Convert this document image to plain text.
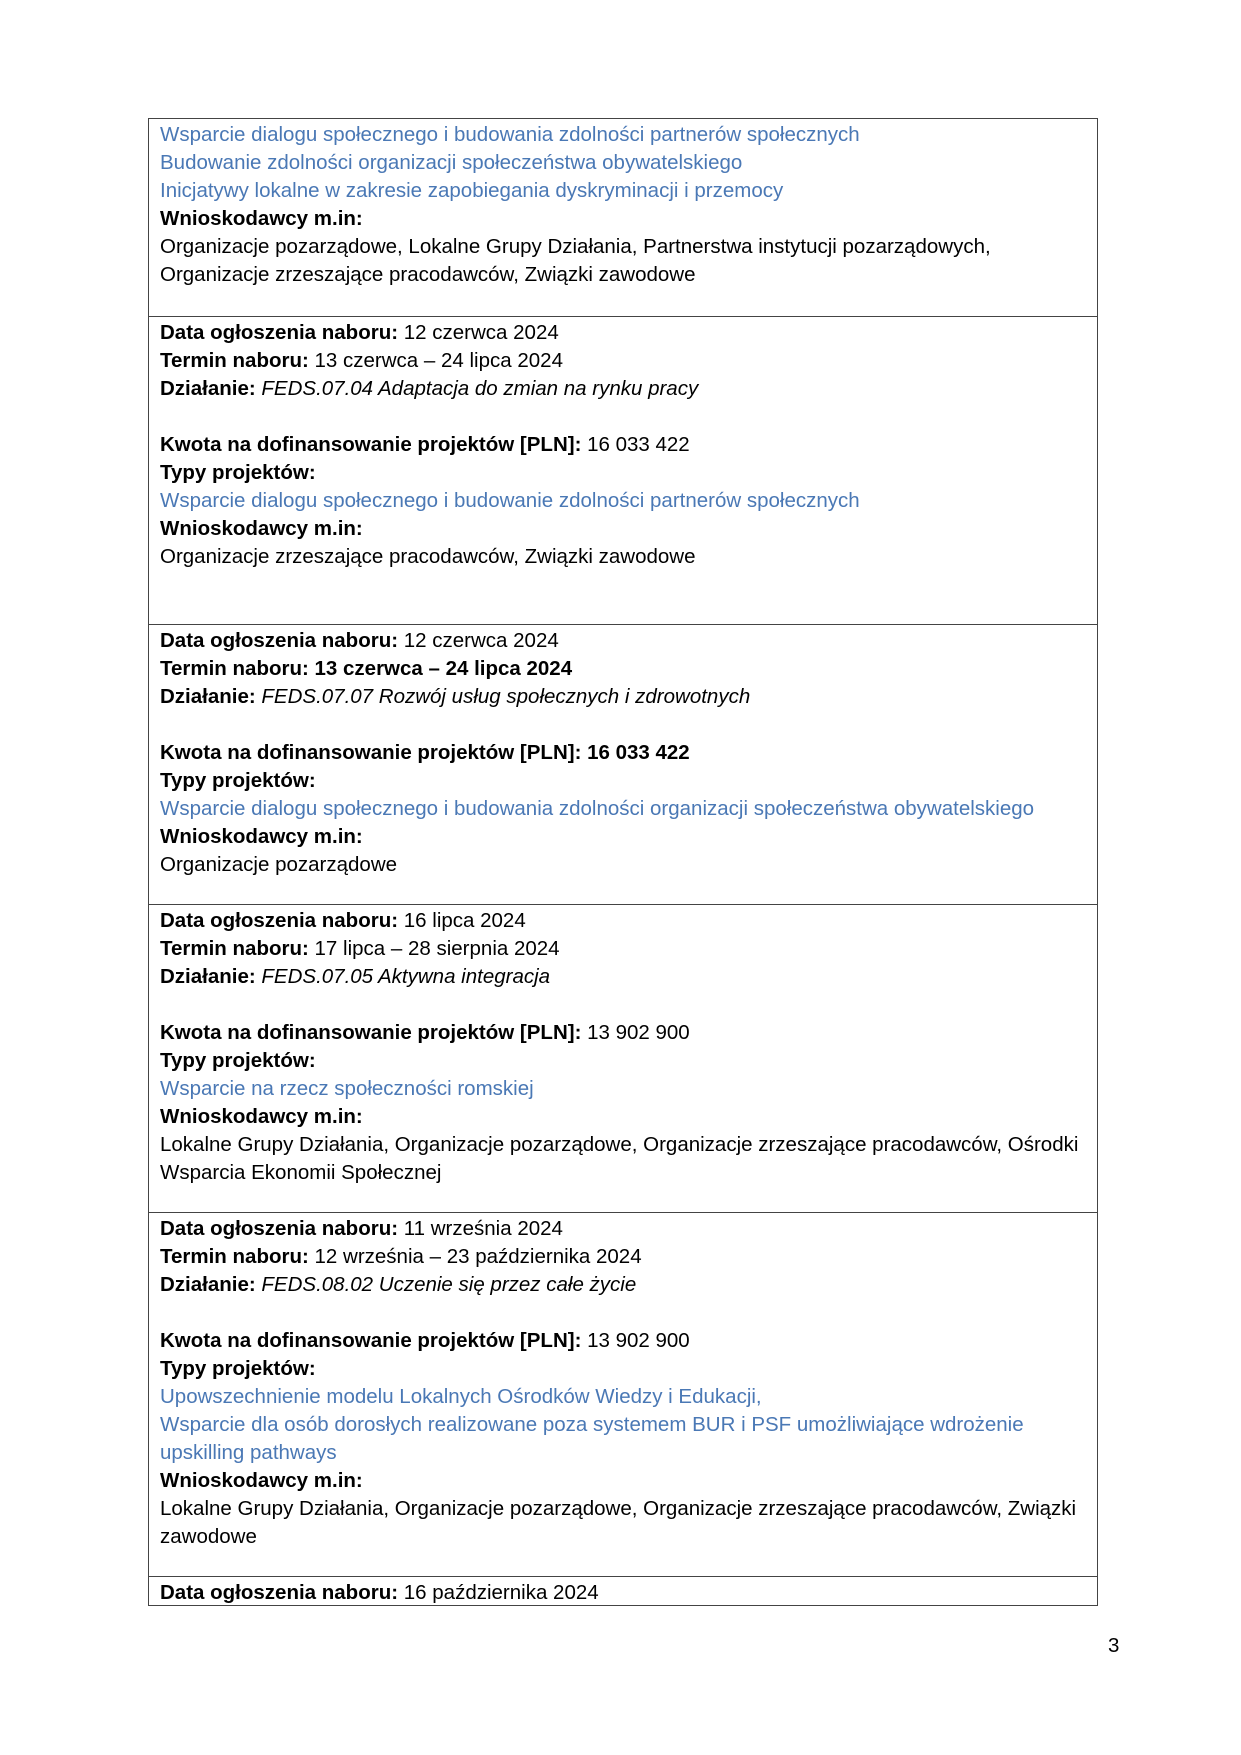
Wsparcie dialogu społecznego i budowania zdolności partnerów społecznych
Budowanie zdolności organizacji społeczeństwa obywatelskiego
Inicjatywy lokalne w zakresie zapobiegania dyskryminacji i przemocy
Wnioskodawcy m.in:
Organizacje pozarządowe, Lokalne Grupy Działania, Partnerstwa instytucji pozarządowych, Organizacje zrzeszające pracodawców, Związki zawodowe
Data ogłoszenia naboru: 12 czerwca 2024
Termin naboru: 13 czerwca – 24 lipca 2024
Działanie: FEDS.07.04 Adaptacja do zmian na rynku pracy
Kwota na dofinansowanie projektów [PLN]: 16 033 422
Typy projektów:
Wsparcie dialogu społecznego i budowanie zdolności partnerów społecznych
Wnioskodawcy m.in:
Organizacje zrzeszające pracodawców, Związki zawodowe
Data ogłoszenia naboru: 12 czerwca 2024
Termin naboru: 13 czerwca – 24 lipca 2024
Działanie: FEDS.07.07 Rozwój usług społecznych i zdrowotnych
Kwota na dofinansowanie projektów [PLN]: 16 033 422
Typy projektów:
Wsparcie dialogu społecznego i budowania zdolności organizacji społeczeństwa obywatelskiego
Wnioskodawcy m.in:
Organizacje pozarządowe
Data ogłoszenia naboru: 16 lipca 2024
Termin naboru: 17 lipca – 28 sierpnia 2024
Działanie: FEDS.07.05 Aktywna integracja
Kwota na dofinansowanie projektów [PLN]: 13 902 900
Typy projektów:
Wsparcie na rzecz społeczności romskiej
Wnioskodawcy m.in:
Lokalne Grupy Działania, Organizacje pozarządowe, Organizacje zrzeszające pracodawców, Ośrodki Wsparcia Ekonomii Społecznej
Data ogłoszenia naboru: 11 września 2024
Termin naboru: 12 września – 23 października 2024
Działanie: FEDS.08.02 Uczenie się przez całe życie
Kwota na dofinansowanie projektów [PLN]: 13 902 900
Typy projektów:
Upowszechnienie modelu Lokalnych Ośrodków Wiedzy i Edukacji,
Wsparcie dla osób dorosłych realizowane poza systemem BUR i PSF umożliwiające wdrożenie upskilling pathways
Wnioskodawcy m.in:
Lokalne Grupy Działania, Organizacje pozarządowe, Organizacje zrzeszające pracodawców, Związki zawodowe
Data ogłoszenia naboru: 16 października 2024
3
